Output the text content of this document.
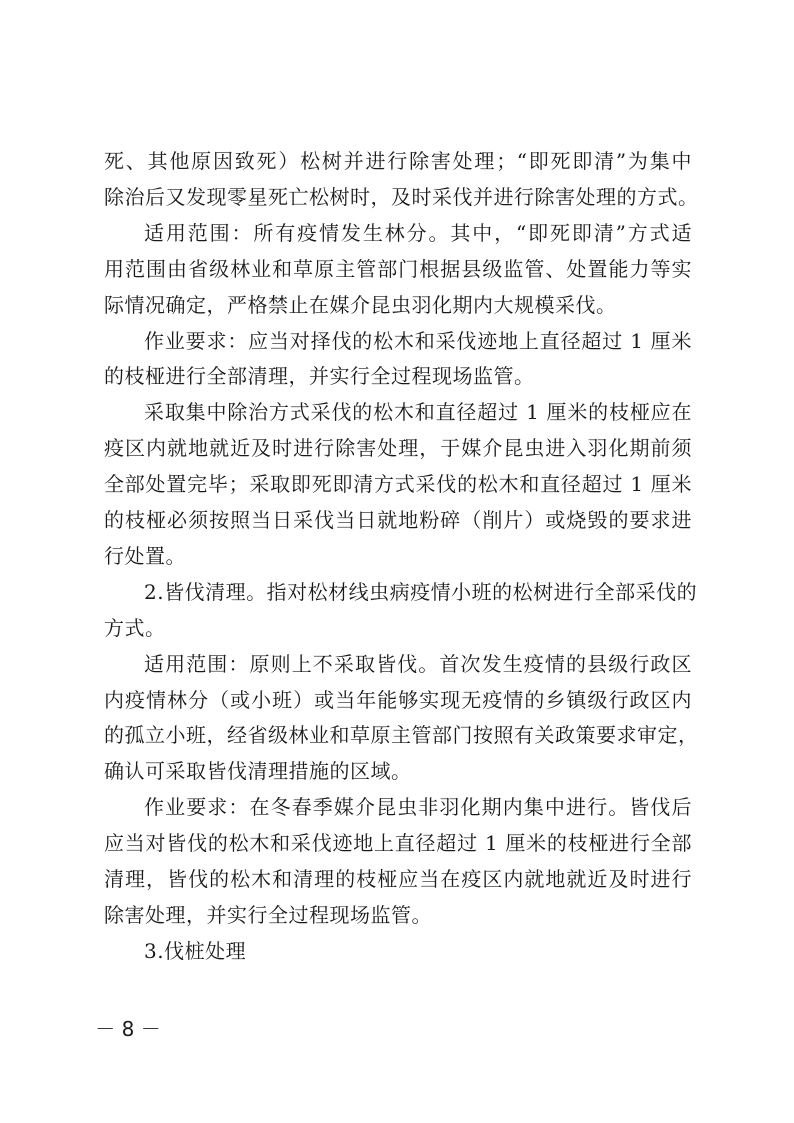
死、其他原因致死）松树并进行除害处理；“即死即清”为集中
除治后又发现零星死亡松树时，及时采伐并进行除害处理的方式。
适用范围：所有疫情发生林分。其中，“即死即清”方式适
用范围由省级林业和草原主管部门根据县级监管、处置能力等实
际情况确定，严格禁止在媒介昆虫羽化期内大规模采伐。
作业要求：应当对择伐的松木和采伐迹地上直径超过 1 厘米
的枝桠进行全部清理，并实行全过程现场监管。
采取集中除治方式采伐的松木和直径超过 1 厘米的枝桠应在
疫区内就地就近及时进行除害处理，于媒介昆虫进入羽化期前须
全部处置完毕；采取即死即清方式采伐的松木和直径超过 1 厘米
的枝桠必须按照当日采伐当日就地粉碎（削片）或烧毁的要求进
行处置。
2.皆伐清理。指对松材线虫病疫情小班的松树进行全部采伐的
方式。
适用范围：原则上不采取皆伐。首次发生疫情的县级行政区
内疫情林分（或小班）或当年能够实现无疫情的乡镇级行政区内
的孤立小班，经省级林业和草原主管部门按照有关政策要求审定，
确认可采取皆伐清理措施的区域。
作业要求：在冬春季媒介昆虫非羽化期内集中进行。皆伐后
应当对皆伐的松木和采伐迹地上直径超过 1 厘米的枝桠进行全部
清理，皆伐的松木和清理的枝桠应当在疫区内就地就近及时进行
除害处理，并实行全过程现场监管。
－ 8 －
3.伐桩处理
